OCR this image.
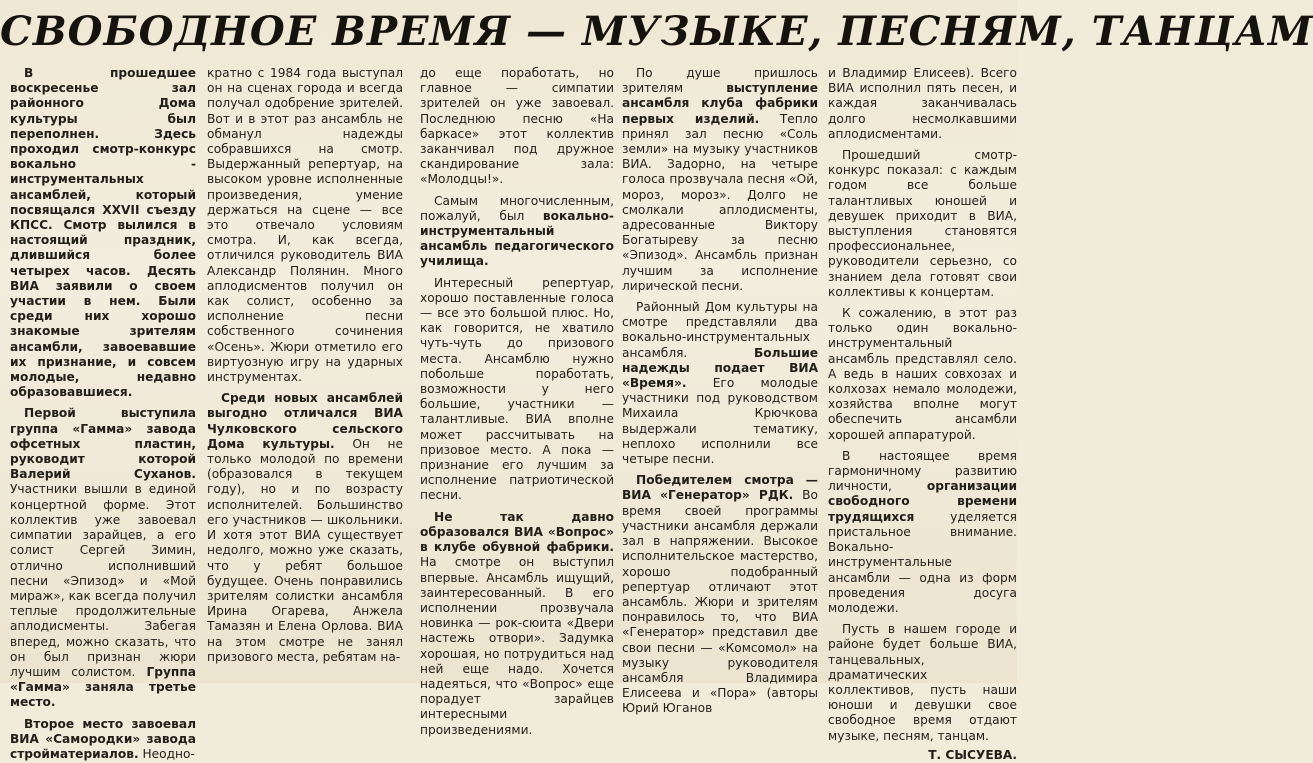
СВОБОДНОЕ ВРЕМЯ — МУЗЫКЕ, ПЕСНЯМ, ТАНЦАМ

В прошедшее воскресенье зал районного Дома культуры был переполнен. Здесь проходил смотр-конкурс вокально - инструментальных ансамблей, который посвящался XXVII съезду КПСС. Смотр вылился в настоящий праздник, длившийся более четырех часов. Десять ВИА заявили о своем участии в нем. Были среди них хорошо знакомые зрителям ансамбли, завоевавшие их признание, и совсем молодые, недавно образовавшиеся.

Первой выступила группа «Гамма» завода офсетных пластин, руководит которой Валерий Суханов. Участники вышли в единой концертной форме. Этот коллектив уже завоевал симпатии зарайцев, а его солист Сергей Зимин, отлично исполнивший песни «Эпизод» и «Мой мираж», как всегда получил теплые продолжительные аплодисменты. Забегая вперед, можно сказать, что он был признан жюри лучшим солистом. Группа «Гамма» заняла третье место.

Второе место завоевал ВИА «Самородки» завода стройматериалов. Неодно-

кратно с 1984 года выступал он на сценах города и всегда получал одобрение зрителей. Вот и в этот раз ансамбль не обманул надежды собравшихся на смотр. Выдержанный репертуар, на высоком уровне исполненные произведения, умение держаться на сцене — все это отвечало условиям смотра. И, как всегда, отличился руководитель ВИА Александр Полянин. Много аплодисментов получил он как солист, особенно за исполнение песни собственного сочинения «Осень». Жюри отметило его виртуозную игру на ударных инструментах.

Среди новых ансамблей выгодно отличался ВИА Чулковского сельского Дома культуры. Он не только молодой по времени (образовался в текущем году), но и по возрасту исполнителей. Большинство его участников — школьники. И хотя этот ВИА существует недолго, можно уже сказать, что у ребят большое будущее. Очень понравились зрителям солистки ансамбля Ирина Огарева, Анжела Тамазян и Елена Орлова. ВИА на этом смотре не занял призового места, ребятам на-

до еще поработать, но главное — симпатии зрителей он уже завоевал. Последнюю песню «На баркасе» этот коллектив заканчивал под дружное скандирование зала: «Молодцы!».

Самым многочисленным, пожалуй, был вокально-инструментальный ансамбль педагогического училища.

Интересный репертуар, хорошо поставленные голоса — все это большой плюс. Но, как говорится, не хватило чуть-чуть до призового места. Ансамблю нужно побольше поработать, возможности у него большие, участники — талантливые. ВИА вполне может рассчитывать на призовое место. А пока — признание его лучшим за исполнение патриотической песни.

Не так давно образовался ВИА «Вопрос» в клубе обувной фабрики. На смотре он выступил впервые. Ансамбль ищущий, заинтересованный. В его исполнении прозвучала новинка — рок-сюита «Двери настежь отвори». Задумка хорошая, но потрудиться над ней еще надо. Хочется надеяться, что «Вопрос» еще порадует зарайцев интересными произведениями.

По душе пришлось зрителям выступление ансамбля клуба фабрики первых изделий. Тепло принял зал песню «Соль земли» на музыку участников ВИА. Задорно, на четыре голоса прозвучала песня «Ой, мороз, мороз». Долго не смолкали аплодисменты, адресованные Виктору Богатыреву за песню «Эпизод». Ансамбль признан лучшим за исполнение лирической песни.

Районный Дом культуры на смотре представляли два вокально-инструментальных ансамбля. Большие надежды подает ВИА «Время». Его молодые участники под руководством Михаила Крючкова выдержали тематику, неплохо исполнили все четыре песни.

Победителем смотра — ВИА «Генератор» РДК. Во время своей программы участники ансамбля держали зал в напряжении. Высокое исполнительское мастерство, хорошо подобранный репертуар отличают этот ансамбль. Жюри и зрителям понравилось то, что ВИА «Генератор» представил две свои песни — «Комсомол» на музыку руководителя ансамбля Владимира Елисеева и «Пора» (авторы Юрий Юганов

и Владимир Елисеев). Всего ВИА исполнил пять песен, и каждая заканчивалась долго несмолкавшими аплодисментами.

Прошедший смотр-конкурс показал: с каждым годом все больше талантливых юношей и девушек приходит в ВИА, выступления становятся профессиональнее, руководители серьезно, со знанием дела готовят свои коллективы к концертам.

К сожалению, в этот раз только один вокально-инструментальный ансамбль представлял село. А ведь в наших совхозах и колхозах немало молодежи, хозяйства вполне могут обеспечить ансамбли хорошей аппаратурой.

В настоящее время гармоничному развитию личности, организации свободного времени трудящихся уделяется пристальное внимание. Вокально-инструментальные ансамбли — одна из форм проведения досуга молодежи.

Пусть в нашем городе и районе будет больше ВИА, танцевальных, драматических коллективов, пусть наши юноши и девушки свое свободное время отдают музыке, песням, танцам.

Т. СЫСУЕВА.
